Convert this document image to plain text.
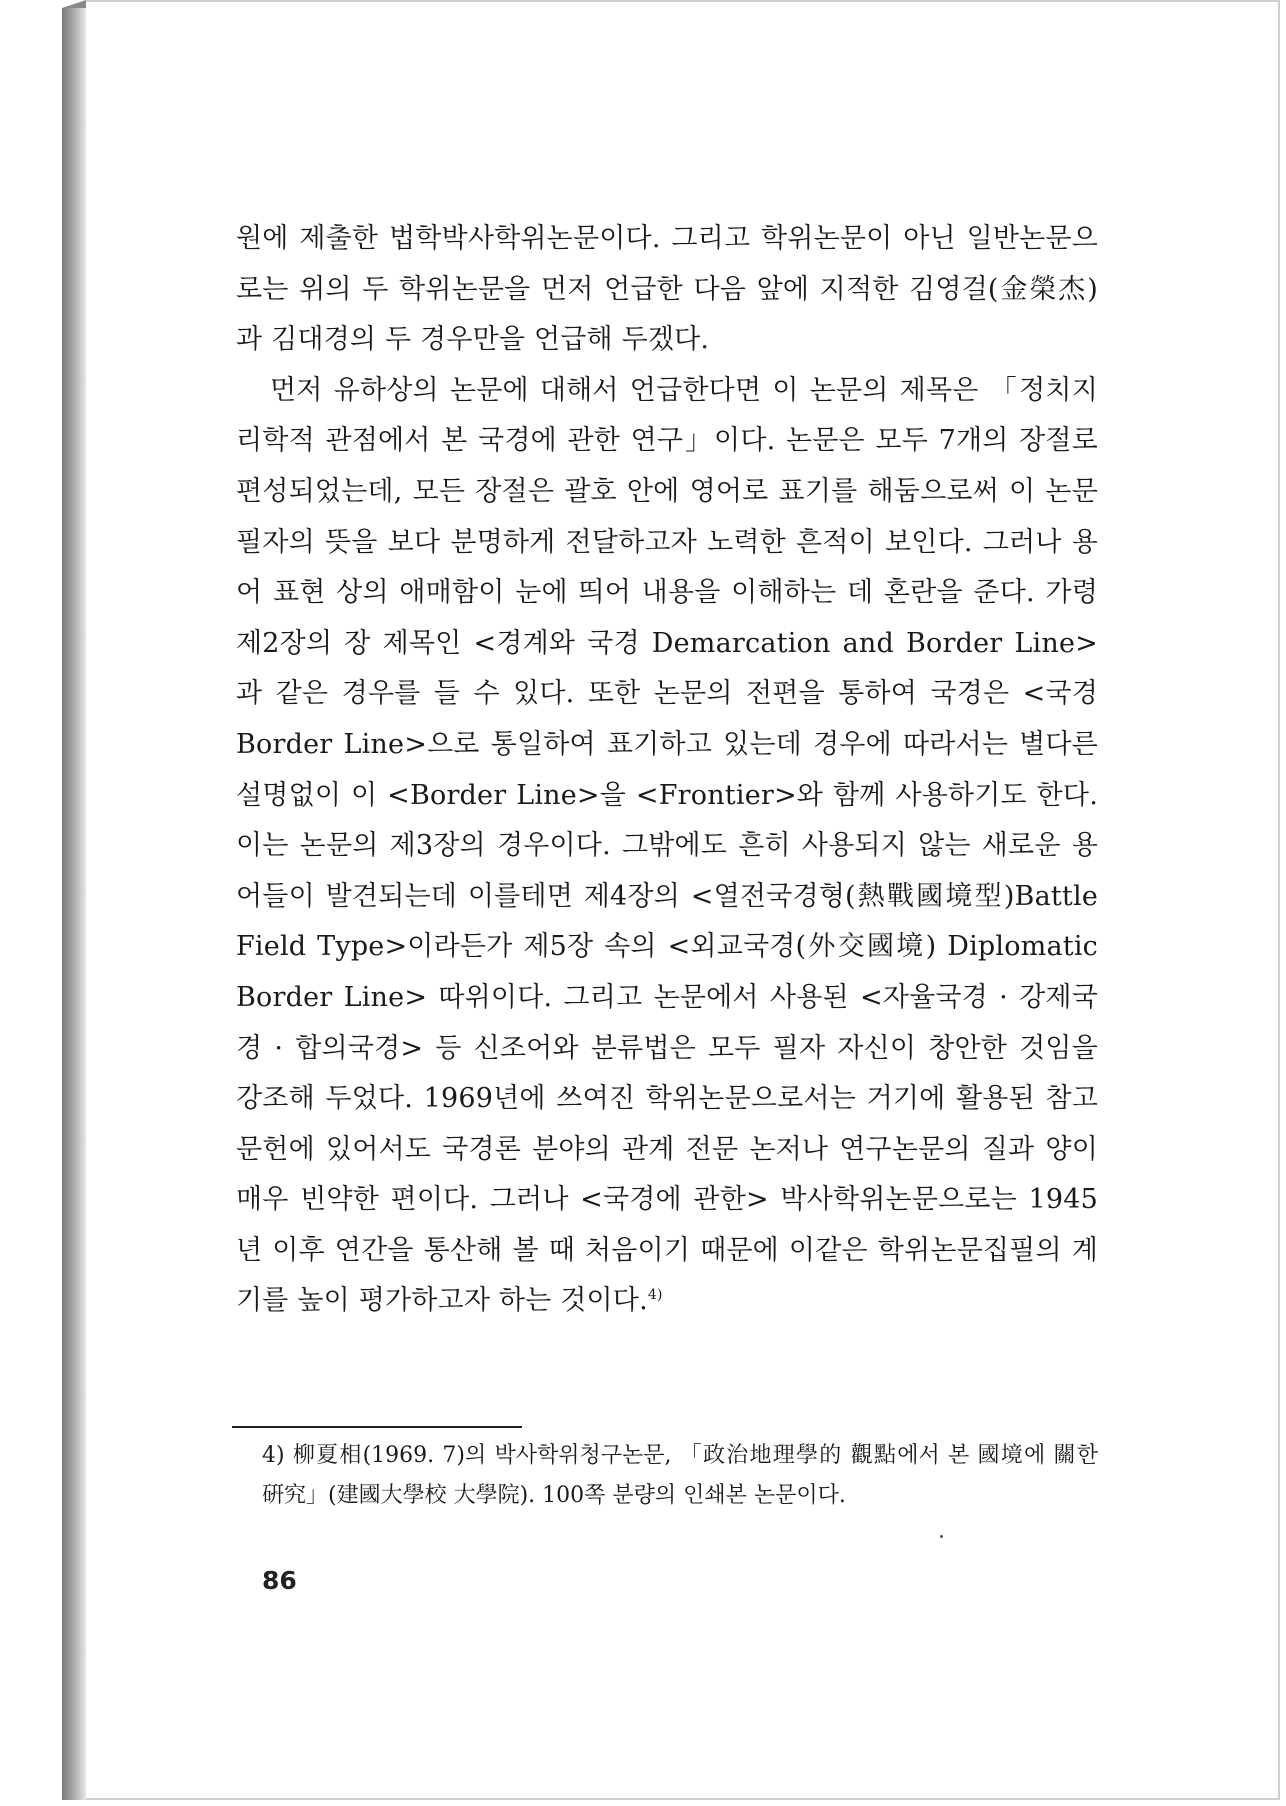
원에 제출한 법학박사학위논문이다. 그리고 학위논문이 아닌 일반논문으로는 위의 두 학위논문을 먼저 언급한 다음 앞에 지적한 김영걸(金榮杰)과 김대경의 두 경우만을 언급해 두겠다.

먼저 유하상의 논문에 대해서 언급한다면 이 논문의 제목은 「정치지리학적 관점에서 본 국경에 관한 연구」이다. 논문은 모두 7개의 장절로 편성되었는데, 모든 장절은 괄호 안에 영어로 표기를 해둠으로써 이 논문 필자의 뜻을 보다 분명하게 전달하고자 노력한 흔적이 보인다. 그러나 용어 표현 상의 애매함이 눈에 띄어 내용을 이해하는 데 혼란을 준다. 가령 제2장의 장 제목인 <경계와 국경 Demarcation and Border Line>과 같은 경우를 들 수 있다. 또한 논문의 전편을 통하여 국경은 <국경 Border Line>으로 통일하여 표기하고 있는데 경우에 따라서는 별다른 설명없이 이 <Border Line>을 <Frontier>와 함께 사용하기도 한다. 이는 논문의 제3장의 경우이다. 그밖에도 흔히 사용되지 않는 새로운 용어들이 발견되는데 이를테면 제4장의 <열전국경형(熱戰國境型)Battle Field Type>이라든가 제5장 속의 <외교국경(外交國境) Diplomatic Border Line> 따위이다. 그리고 논문에서 사용된 <자율국경 · 강제국경 · 합의국경> 등 신조어와 분류법은 모두 필자 자신이 창안한 것임을 강조해 두었다. 1969년에 쓰여진 학위논문으로서는 거기에 활용된 참고문헌에 있어서도 국경론 분야의 관계 전문 논저나 연구논문의 질과 양이 매우 빈약한 편이다. 그러나 <국경에 관한> 박사학위논문으로는 1945년 이후 연간을 통산해 볼 때 처음이기 때문에 이같은 학위논문집필의 계기를 높이 평가하고자 하는 것이다.$^{4)}$

4) 柳夏相(1969. 7)의 박사학위청구논문, 「政治地理學的 觀點에서 본 國境에 關한 硏究」(建國大學校 大學院). 100쪽 분량의 인쇄본 논문이다.
86
